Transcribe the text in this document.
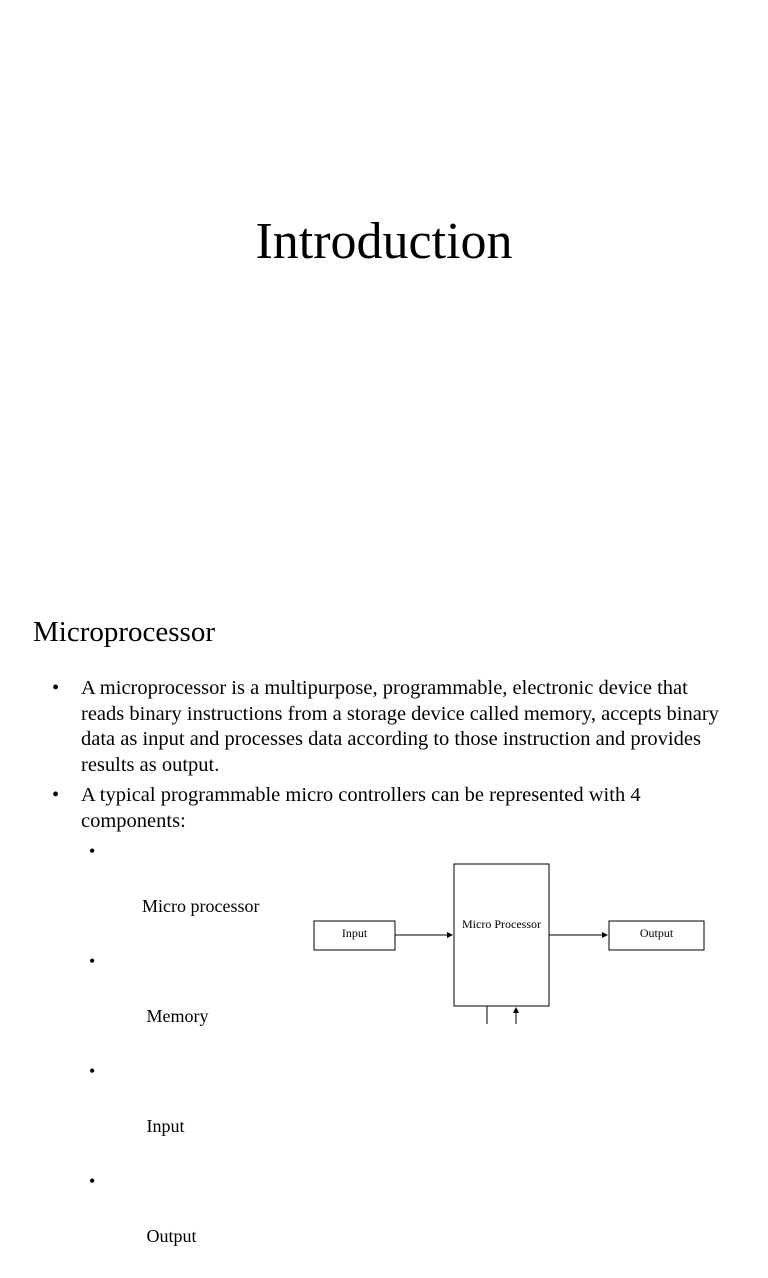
Introduction
Microprocessor
• A microprocessor is a multipurpose, programmable, electronic device that reads binary instructions from a storage device called memory, accepts binary data as input and processes data according to those instruction and provides results as output.
• A typical programmable micro controllers can be represented with 4 components:

•

Micro processor

•

Memory

•

Input

•

Output

Input
Micro Processor
Output
